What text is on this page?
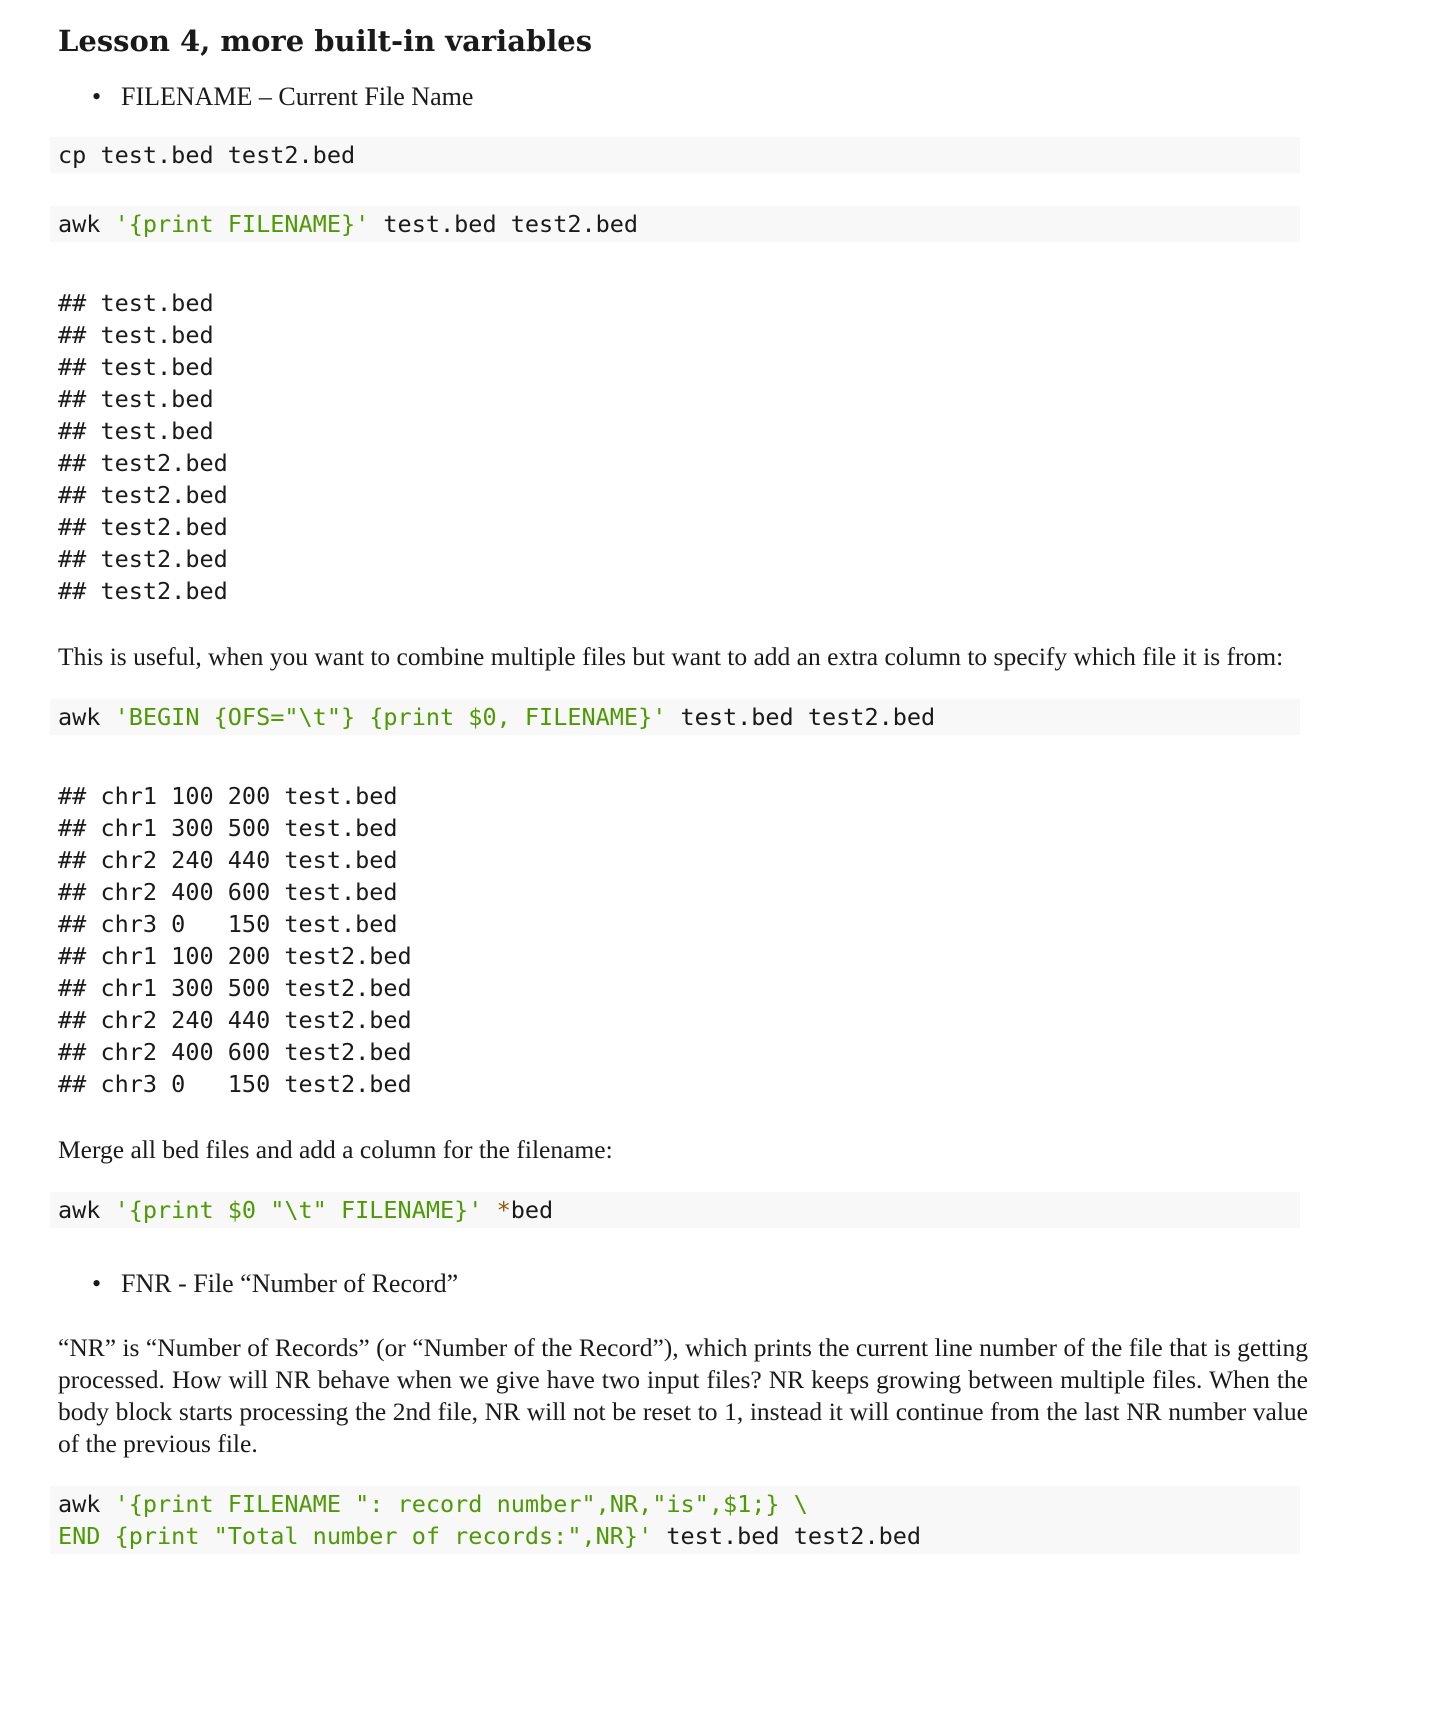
Lesson 4, more built-in variables
• FILENAME – Current File Name
cp test.bed test2.bed
awk '{print FILENAME}' test.bed test2.bed
## test.bed
## test.bed
## test.bed
## test.bed
## test.bed
## test2.bed
## test2.bed
## test2.bed
## test2.bed
## test2.bed

This is useful, when you want to combine multiple files but want to add an extra column to specify which file it is from:

awk 'BEGIN {OFS="\t"} {print $0, FILENAME}' test.bed test2.bed
## chr1 100 200 test.bed
## chr1 300 500 test.bed
## chr2 240 440 test.bed
## chr2 400 600 test.bed
## chr3 0   150 test.bed
## chr1 100 200 test2.bed
## chr1 300 500 test2.bed
## chr2 240 440 test2.bed
## chr2 400 600 test2.bed
## chr3 0   150 test2.bed

Merge all bed files and add a column for the filename:

awk '{print $0 "\t" FILENAME}' *bed
• FNR - File “Number of Record”

“NR” is “Number of Records” (or “Number of the Record”), which prints the current line number of the file that is getting processed. How will NR behave when we give have two input files? NR keeps growing between multiple files. When the body block starts processing the 2nd file, NR will not be reset to 1, instead it will continue from the last NR number value of the previous file.

awk '{print FILENAME ": record number",NR,"is",$1;} \
END {print "Total number of records:",NR}' test.bed test2.bed
